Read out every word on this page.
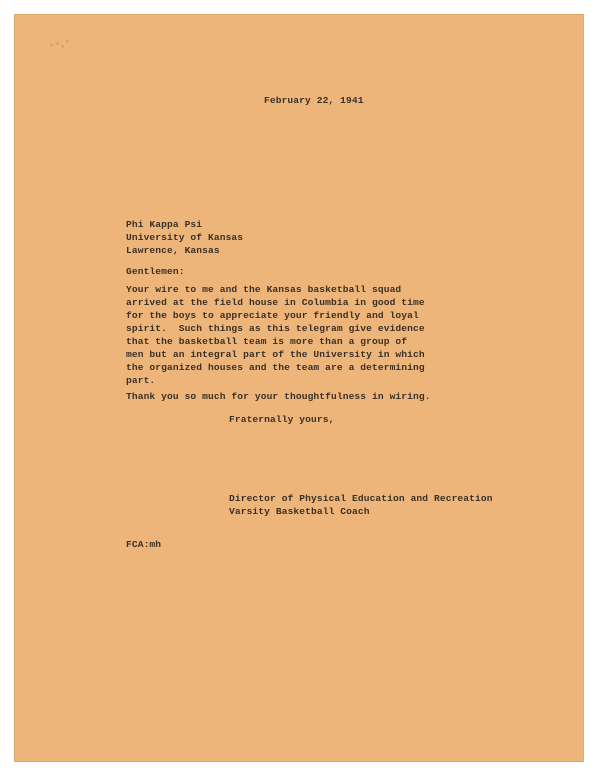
February 22, 1941
Phi Kappa Psi
University of Kansas
Lawrence, Kansas
Gentlemen:
Your wire to me and the Kansas basketball squad
arrived at the field house in Columbia in good time
for the boys to appreciate your friendly and loyal
spirit.  Such things as this telegram give evidence
that the basketball team is more than a group of
men but an integral part of the University in which
the organized houses and the team are a determining
part.
Thank you so much for your thoughtfulness in wiring.
Fraternally yours,
Director of Physical Education and Recreation
Varsity Basketball Coach
FCA:mh
